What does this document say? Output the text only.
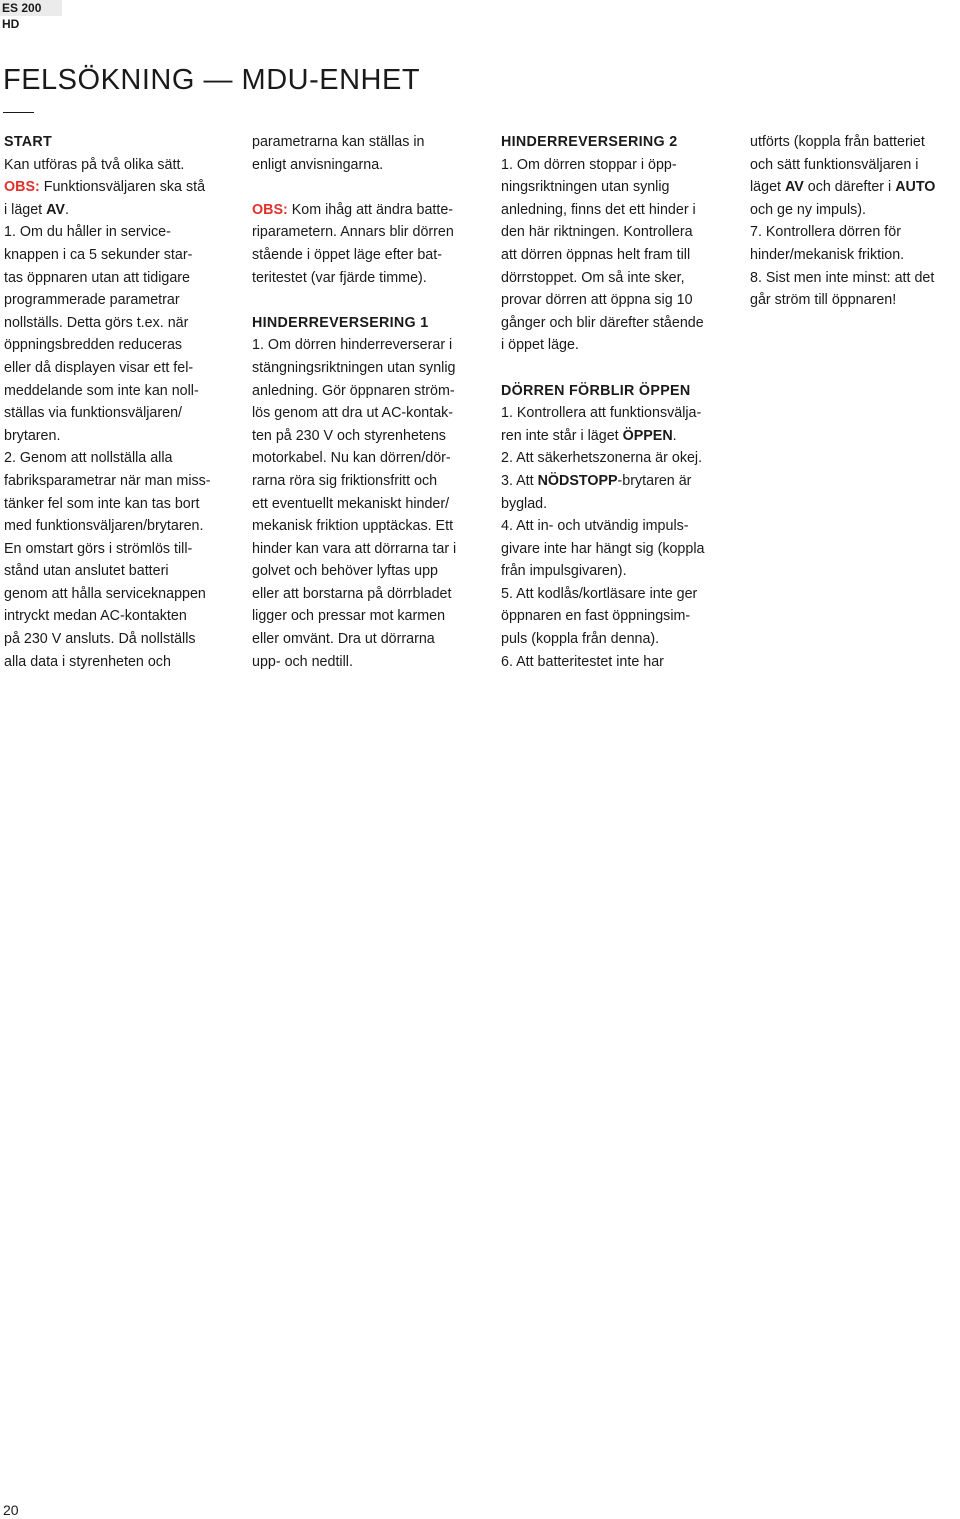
ES 200 HD
FELSÖKNING — MDU-ENHET
START
Kan utföras på två olika sätt.
OBS: Funktionsväljaren ska stå
i läget AV.
1. Om du håller in service-
knappen i ca 5 sekunder star-
tas öppnaren utan att tidigare
programmerade parametrar
nollställs. Detta görs t.ex. när
öppningsbredden reduceras
eller då displayen visar ett fel-
meddelande som inte kan noll-
ställas via funktionsväljaren/
brytaren.
2. Genom att nollställa alla
fabriksparametrar när man miss-
tänker fel som inte kan tas bort
med funktionsväljaren/brytaren.
En omstart görs i strömlös till-
stånd utan anslutet batteri
genom att hålla serviceknappen
intryckt medan AC-kontakten
på 230 V ansluts. Då nollställs
alla data i styrenheten och
parametrarna kan ställas in
enligt anvisningarna.
OBS: Kom ihåg att ändra batte-
riparametern. Annars blir dörren
stående i öppet läge efter bat-
teritestet (var fjärde timme).
HINDERREVERSERING 1
1. Om dörren hinderreverserar i
stängningsriktningen utan synlig
anledning. Gör öppnaren ström-
lös genom att dra ut AC-kontak-
ten på 230 V och styrenhetens
motorkabel. Nu kan dörren/dör-
rarna röra sig friktionsfritt och
ett eventuellt mekaniskt hinder/
mekanisk friktion upptäckas. Ett
hinder kan vara att dörrarna tar i
golvet och behöver lyftas upp
eller att borstarna på dörrbladet
ligger och pressar mot karmen
eller omvänt. Dra ut dörrarna
upp- och nedtill.
HINDERREVERSERING 2
1. Om dörren stoppar i öpp-
ningsriktningen utan synlig
anledning, finns det ett hinder i
den här riktningen. Kontrollera
att dörren öppnas helt fram till
dörrstoppet. Om så inte sker,
provar dörren att öppna sig 10
gånger och blir därefter stående
i öppet läge.
DÖRREN FÖRBLIR ÖPPEN
1. Kontrollera att funktionsvälja-
ren inte står i läget ÖPPEN.
2. Att säkerhetszonerna är okej.
3. Att NÖDSTOPP-brytaren är
byglad.
4. Att in- och utvändig impuls-
givare inte har hängt sig (koppla
från impulsgivaren).
5. Att kodlås/kortläsare inte ger
öppnaren en fast öppningsim-
puls (koppla från denna).
6. Att batteritestet inte har
utförts (koppla från batteriet
och sätt funktionsväljaren i
läget AV och därefter i AUTO
och ge ny impuls).
7. Kontrollera dörren för
hinder/mekanisk friktion.
8. Sist men inte minst: att det
går ström till öppnaren!
20
